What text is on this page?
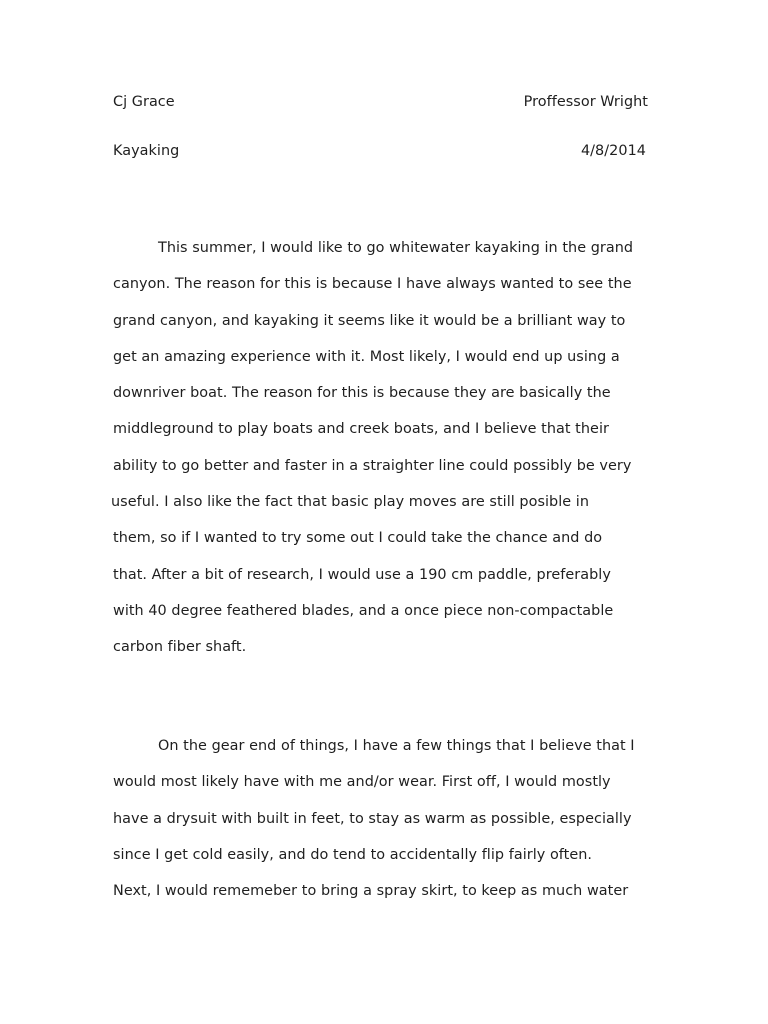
Cj Grace	Proffessor Wright
Kayaking	4/8/2014
This summer, I would like to go whitewater kayaking in the grand
canyon. The reason for this is because I have always wanted to see the
grand canyon, and kayaking it seems like it would be a brilliant way to
get an amazing experience with it. Most likely, I would end up using a
downriver boat. The reason for this is because they are basically the
middleground to play boats and creek boats, and I believe that their
ability to go better and faster in a straighter line could possibly be very
useful. I also like the fact that basic play moves are still posible in
them, so if I wanted to try some out I could take the chance and do
that. After a bit of research, I would use a 190 cm paddle, preferably
with 40 degree feathered blades, and a once piece non-compactable
carbon fiber shaft.
On the gear end of things, I have a few things that I believe that I
would most likely have with me and/or wear. First off, I would mostly
have a drysuit with built in feet, to stay as warm as possible, especially
since I get cold easily, and do tend to accidentally flip fairly often.
Next, I would rememeber to bring a spray skirt, to keep as much water
